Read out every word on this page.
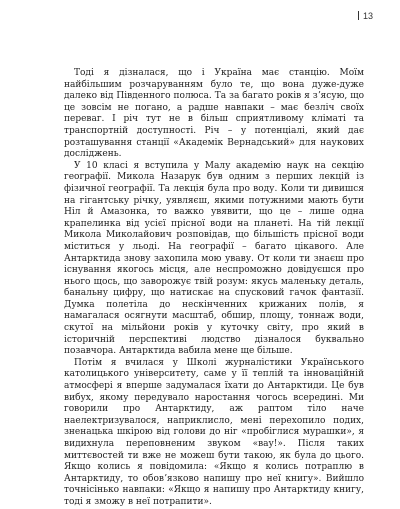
13

Тоді я дізналася, що і Україна має станцію. Моїм найбільшим розчаруванням було те, що вона дуже-дуже далеко від Південного полюса. Та за багато років я зʼясую, що це зовсім не погано, а радше навпаки – має безліч своїх переваг. І річ тут не в більш сприятливому кліматі та транспортній доступності. Річ – у потенціалі, який дає розташування станції «Академік Вернадський» для наукових досліджень.

У 10 класі я вступила у Малу академію наук на секцію географії. Микола Назарук був одним з перших лекцій із фізичної географії. Та лекція була про воду. Коли ти дивишся на гігантську річку, уявляєш, якими потужними мають бути Ніл й Амазонка, то важко увявити, що це – лише одна крапелинка від усієї прісної води на планеті. На тій лекції Микола Миколайович розповідав, що більшість прісної води міститься у льоді. На географії – багато цікавого. Але Антарктида знову захопила мою уваву. От коли ти знаєш про існування якогось місця, але неспроможно довідуєшся про нього щось, що заворожує твій розум: якусь маленьку деталь, банальну цифру, що натискає на спусковий гачок фантазії. Думка полетіла до нескінченних крижаних полів, я намагалася осягнути масштаб, обшир, площу, тоннаж води, скутої на мільйони років у куточку світу, про який в історичній перспективі людство дізналося буквально позавчора. Антарктида вабила мене ще більше.

Потім я вчилася у Школі журналістики Українського католицького університету, саме у її теплій та інноваційній атмосфері я вперше задумалася їхати до Антарктиди. Це був вибух, якому передувало наростання чогось всередині. Ми говорили про Антарктиду, аж раптом тіло наче наелектризувалося, наприклисло, мені перехопило подих, зненацька шкірою від голови до ніг «пробіглися мурашки», я видихнула переповненим звуком «вау!». Після таких миттєвостей ти вже не можеш бути такою, як була до цього. Якщо колись я повідомила: «Якщо я колись потраплю в Антарктиду, то обовʼязково напишу про неї книгу». Вийшло точнісінько навпаки: «Якщо я напишу про Антарктиду книгу, тоді я зможу в неї потрапити».
